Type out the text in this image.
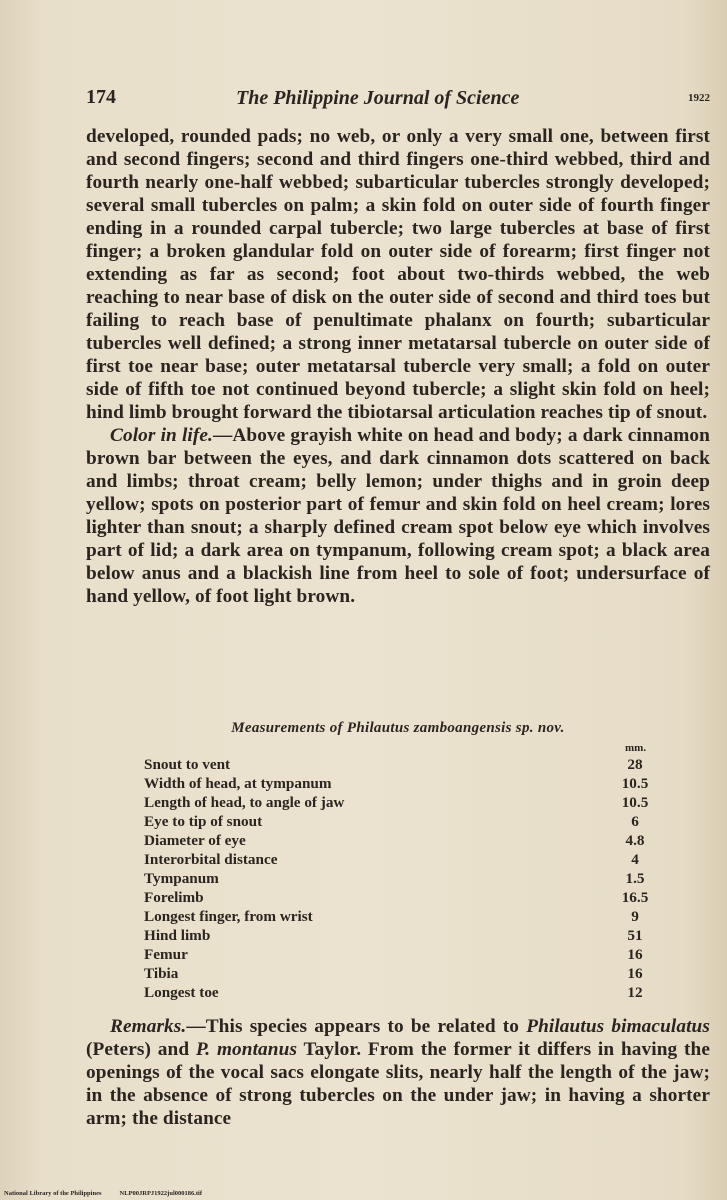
174	The Philippine Journal of Science	1922

developed, rounded pads; no web, or only a very small one, between first and second fingers; second and third fingers one-third webbed, third and fourth nearly one-half webbed; subarticular tubercles strongly developed; several small tubercles on palm; a skin fold on outer side of fourth finger ending in a rounded carpal tubercle; two large tubercles at base of first finger; a broken glandular fold on outer side of forearm; first finger not extending as far as second; foot about two-thirds webbed, the web reaching to near base of disk on the outer side of second and third toes but failing to reach base of penultimate phalanx on fourth; subarticular tubercles well defined; a strong inner metatarsal tubercle on outer side of first toe near base; outer metatarsal tubercle very small; a fold on outer side of fifth toe not continued beyond tubercle; a slight skin fold on heel; hind limb brought forward the tibiotarsal articulation reaches tip of snout.

Color in life.—Above grayish white on head and body; a dark cinnamon brown bar between the eyes, and dark cinnamon dots scattered on back and limbs; throat cream; belly lemon; under thighs and in groin deep yellow; spots on posterior part of femur and skin fold on heel cream; lores lighter than snout; a sharply defined cream spot below eye which involves part of lid; a dark area on tympanum, following cream spot; a black area below anus and a blackish line from heel to sole of foot; undersurface of hand yellow, of foot light brown.

Measurements of Philautus zamboangensis sp. nov.
mm.
Snout to vent	28
Width of head, at tympanum	10.5
Length of head, to angle of jaw	10.5
Eye to tip of snout	6
Diameter of eye	4.8
Interorbital distance	4
Tympanum	1.5
Forelimb	16.5
Longest finger, from wrist	9
Hind limb	51
Femur	16
Tibia	16
Longest toe	12

Remarks.—This species appears to be related to Philautus bimaculatus (Peters) and P. montanus Taylor. From the former it differs in having the openings of the vocal sacs elongate slits, nearly half the length of the jaw; in the absence of strong tubercles on the under jaw; in having a shorter arm; the distance

National Library of the Philippines	NLP00JRPJ1922jul000186.tif
